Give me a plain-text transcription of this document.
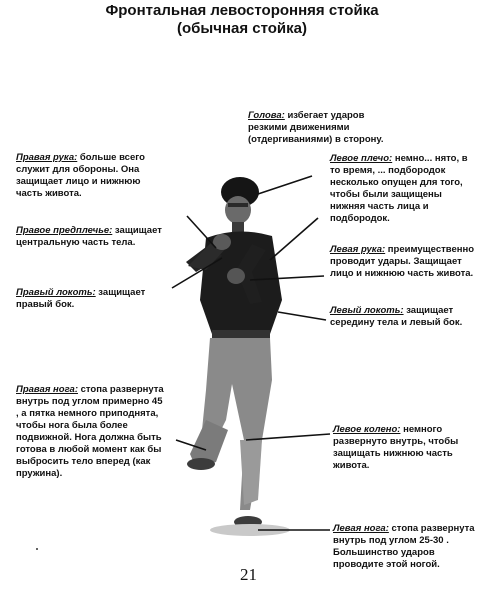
Фронтальная левосторонняя стойка
(обычная стойка)
Правая рука: больше всего служит для обороны. Она защищает лицо и нижнюю часть живота.
Правое предплечье: защищает центральную часть тела.
Правый локоть: защищает правый бок.
Правая нога: стопа развернута внутрь под углом примерно 45 , а пятка немного приподнята, чтобы нога была более подвижной. Нога должна быть готова в любой момент как бы выбросить тело вперед (как пружина).
Голова: избегает ударов резкими движениями (отдергиваниями) в сторону.
Левое плечо: немно... нято, в то время, ... подбородок несколько опущен для того, чтобы были защищены нижняя часть лица и подбородок.
Левая рука: преимущественно проводит удары. Защищает лицо и нижнюю часть живота.
Левый локоть: защищает середину тела и левый бок.
Левое колено: немного развернуто внутрь, чтобы защищать нижнюю часть живота.
Левая нога: стопа развернута внутрь под углом 25-30 . Большинство ударов проводите этой ногой.
21
